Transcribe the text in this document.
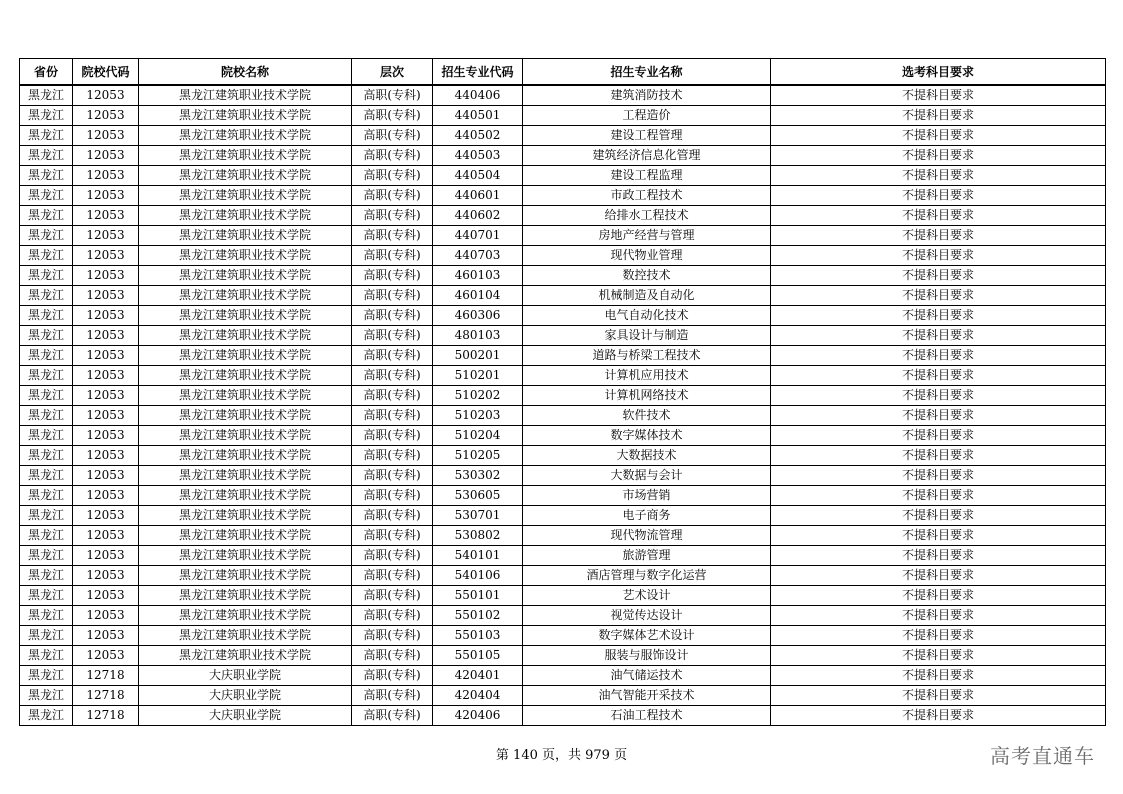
省份	院校代码	院校名称	层次	招生专业代码	招生专业名称	选考科目要求
黑龙江	12053	黑龙江建筑职业技术学院	高职(专科)	440406	建筑消防技术	不提科目要求
黑龙江	12053	黑龙江建筑职业技术学院	高职(专科)	440501	工程造价	不提科目要求
黑龙江	12053	黑龙江建筑职业技术学院	高职(专科)	440502	建设工程管理	不提科目要求
黑龙江	12053	黑龙江建筑职业技术学院	高职(专科)	440503	建筑经济信息化管理	不提科目要求
黑龙江	12053	黑龙江建筑职业技术学院	高职(专科)	440504	建设工程监理	不提科目要求
黑龙江	12053	黑龙江建筑职业技术学院	高职(专科)	440601	市政工程技术	不提科目要求
黑龙江	12053	黑龙江建筑职业技术学院	高职(专科)	440602	给排水工程技术	不提科目要求
黑龙江	12053	黑龙江建筑职业技术学院	高职(专科)	440701	房地产经营与管理	不提科目要求
黑龙江	12053	黑龙江建筑职业技术学院	高职(专科)	440703	现代物业管理	不提科目要求
黑龙江	12053	黑龙江建筑职业技术学院	高职(专科)	460103	数控技术	不提科目要求
黑龙江	12053	黑龙江建筑职业技术学院	高职(专科)	460104	机械制造及自动化	不提科目要求
黑龙江	12053	黑龙江建筑职业技术学院	高职(专科)	460306	电气自动化技术	不提科目要求
黑龙江	12053	黑龙江建筑职业技术学院	高职(专科)	480103	家具设计与制造	不提科目要求
黑龙江	12053	黑龙江建筑职业技术学院	高职(专科)	500201	道路与桥梁工程技术	不提科目要求
黑龙江	12053	黑龙江建筑职业技术学院	高职(专科)	510201	计算机应用技术	不提科目要求
黑龙江	12053	黑龙江建筑职业技术学院	高职(专科)	510202	计算机网络技术	不提科目要求
黑龙江	12053	黑龙江建筑职业技术学院	高职(专科)	510203	软件技术	不提科目要求
黑龙江	12053	黑龙江建筑职业技术学院	高职(专科)	510204	数字媒体技术	不提科目要求
黑龙江	12053	黑龙江建筑职业技术学院	高职(专科)	510205	大数据技术	不提科目要求
黑龙江	12053	黑龙江建筑职业技术学院	高职(专科)	530302	大数据与会计	不提科目要求
黑龙江	12053	黑龙江建筑职业技术学院	高职(专科)	530605	市场营销	不提科目要求
黑龙江	12053	黑龙江建筑职业技术学院	高职(专科)	530701	电子商务	不提科目要求
黑龙江	12053	黑龙江建筑职业技术学院	高职(专科)	530802	现代物流管理	不提科目要求
黑龙江	12053	黑龙江建筑职业技术学院	高职(专科)	540101	旅游管理	不提科目要求
黑龙江	12053	黑龙江建筑职业技术学院	高职(专科)	540106	酒店管理与数字化运营	不提科目要求
黑龙江	12053	黑龙江建筑职业技术学院	高职(专科)	550101	艺术设计	不提科目要求
黑龙江	12053	黑龙江建筑职业技术学院	高职(专科)	550102	视觉传达设计	不提科目要求
黑龙江	12053	黑龙江建筑职业技术学院	高职(专科)	550103	数字媒体艺术设计	不提科目要求
黑龙江	12053	黑龙江建筑职业技术学院	高职(专科)	550105	服装与服饰设计	不提科目要求
黑龙江	12718	大庆职业学院	高职(专科)	420401	油气储运技术	不提科目要求
黑龙江	12718	大庆职业学院	高职(专科)	420404	油气智能开采技术	不提科目要求
黑龙江	12718	大庆职业学院	高职(专科)	420406	石油工程技术	不提科目要求
第 140 页，共 979 页	高考直通车
